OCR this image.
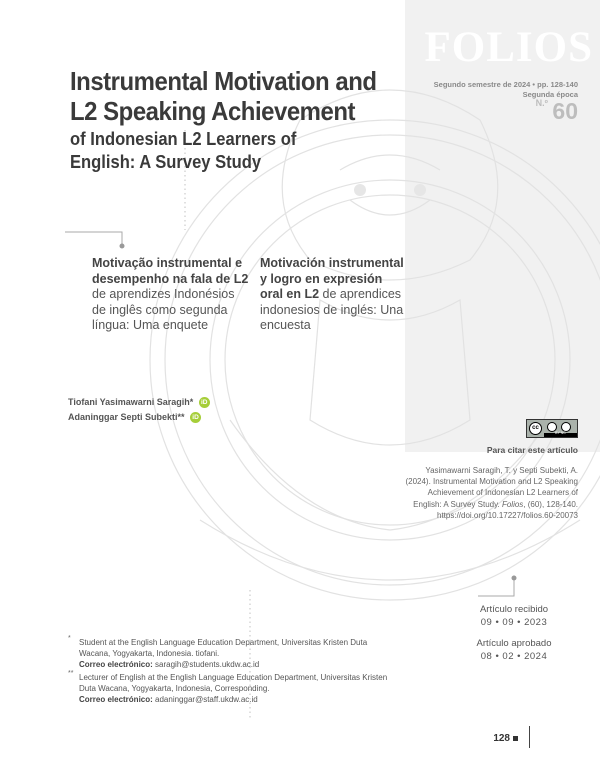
FOLIOS
Segundo semestre de 2024 • pp. 128-140
Segunda época
$^{N.º}$ 60
Instrumental Motivation and
L2 Speaking Achievement
of Indonesian L2 Learners of
English: A Survey Study
Motivação instrumental e
desempenho na fala de L2
de aprendizes Indonésios
de inglês como segunda
língua: Uma enquete
Motivación instrumental
y logro en expresión
oral en L2 de aprendices
indonesios de inglés: Una
encuesta
Tiofani Yasimawarni Saragih* iD
Adaninggar Septi Subekti** iD
cc
BY NC
Para citar este artículo
Yasimawarni Saragih, T. y Septi Subekti, A.
(2024). Instrumental Motivation and L2 Speaking
Achievement of Indonesian L2 Learners of
English: A Survey Study. Folios, (60), 128-140.
https://doi.org/10.17227/folios.60-20073
Artículo recibido
09 • 09 • 2023
Artículo aprobado
08 • 02 • 2024
* Student at the English Language Education Department, Universitas Kristen Duta
Wacana, Yogyakarta, Indonesia. tiofani.
Correo electrónico: saragih@students.ukdw.ac.id
** Lecturer of English at the English Language Education Department, Universitas Kristen
Duta Wacana, Yogyakarta, Indonesia, Corresponding.
Correo electrónico: adaninggar@staff.ukdw.ac.id
128
